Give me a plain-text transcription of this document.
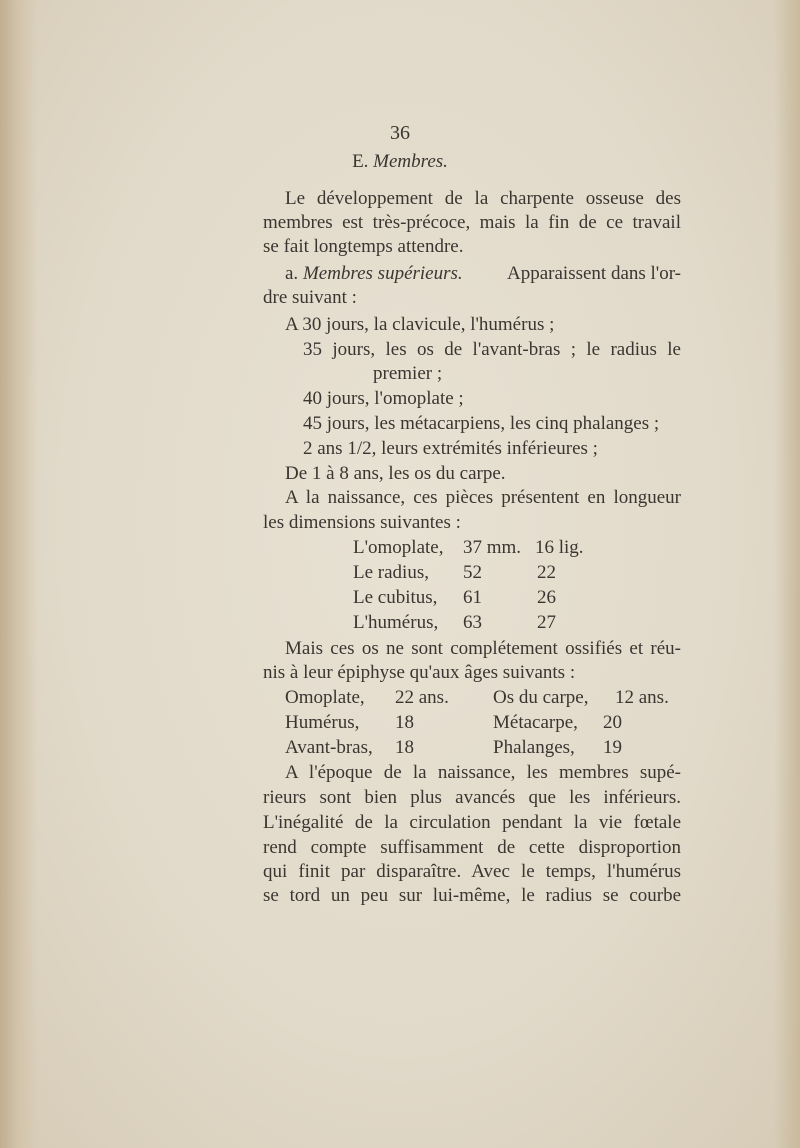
36
E. Membres.
Le développement de la charpente osseuse des
membres est très-précoce, mais la fin de ce travail
se fait longtemps attendre.
a. Membres supérieurs. Apparaissent dans l'or-
dre suivant :
A 30 jours, la clavicule, l'humérus ;
35 jours, les os de l'avant-bras ; le radius le
premier ;
40 jours, l'omoplate ;
45 jours, les métacarpiens, les cinq phalanges ;
2 ans 1/2, leurs extrémités inférieures ;
De 1 à 8 ans, les os du carpe.
A la naissance, ces pièces présentent en longueur
les dimensions suivantes :
L'omoplate, 37 mm. 16 lig.
Le radius, 52	22
Le cubitus, 61	26
L'humérus, 63	27
Mais ces os ne sont complétement ossifiés et réu-
nis à leur épiphyse qu'aux âges suivants :
Omoplate, 22 ans. Os du carpe, 12 ans.
Humérus, 18	Métacarpe, 20
Avant-bras, 18	Phalanges, 19
A l'époque de la naissance, les membres supé-
rieurs sont bien plus avancés que les inférieurs.
L'inégalité de la circulation pendant la vie fœtale
rend compte suffisamment de cette disproportion
qui finit par disparaître. Avec le temps, l'humérus
se tord un peu sur lui-même, le radius se courbe
